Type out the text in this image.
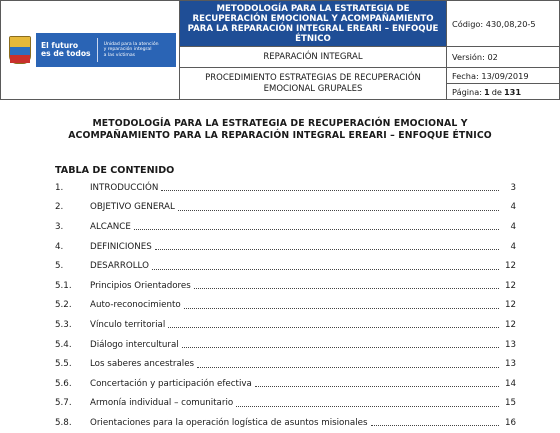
El futuro
es de todos
Unidad para la atención
y reparación integral
a las víctimas
METODOLOGÍA PARA LA ESTRATEGIA DE RECUPERACIÓN EMOCIONAL Y ACOMPAÑAMIENTO PARA LA REPARACIÓN INTEGRAL EREARI – ENFOQUE ÉTNICO
Código: 430,08,20-5
REPARACIÓN INTEGRAL	Versión: 02
PROCEDIMIENTO ESTRATEGIAS DE RECUPERACIÓN EMOCIONAL GRUPALES
Fecha: 13/09/2019
Página: 1 de 131
METODOLOGÍA PARA LA ESTRATEGIA DE RECUPERACIÓN EMOCIONAL Y
ACOMPAÑAMIENTO PARA LA REPARACIÓN INTEGRAL EREARI – ENFOQUE ÉTNICO
TABLA DE CONTENIDO
1.	INTRODUCCIÓN	3
2.	OBJETIVO GENERAL	4
3.	ALCANCE	4
4.	DEFINICIONES	4
5.	DESARROLLO	12
5.1.	Principios Orientadores	12
5.2.	Auto-reconocimiento	12
5.3.	Vínculo territorial	12
5.4.	Diálogo intercultural	13
5.5.	Los saberes ancestrales	13
5.6.	Concertación y participación efectiva	14
5.7.	Armonía individual – comunitario	15
5.8.	Orientaciones para la operación logística de asuntos misionales	16
